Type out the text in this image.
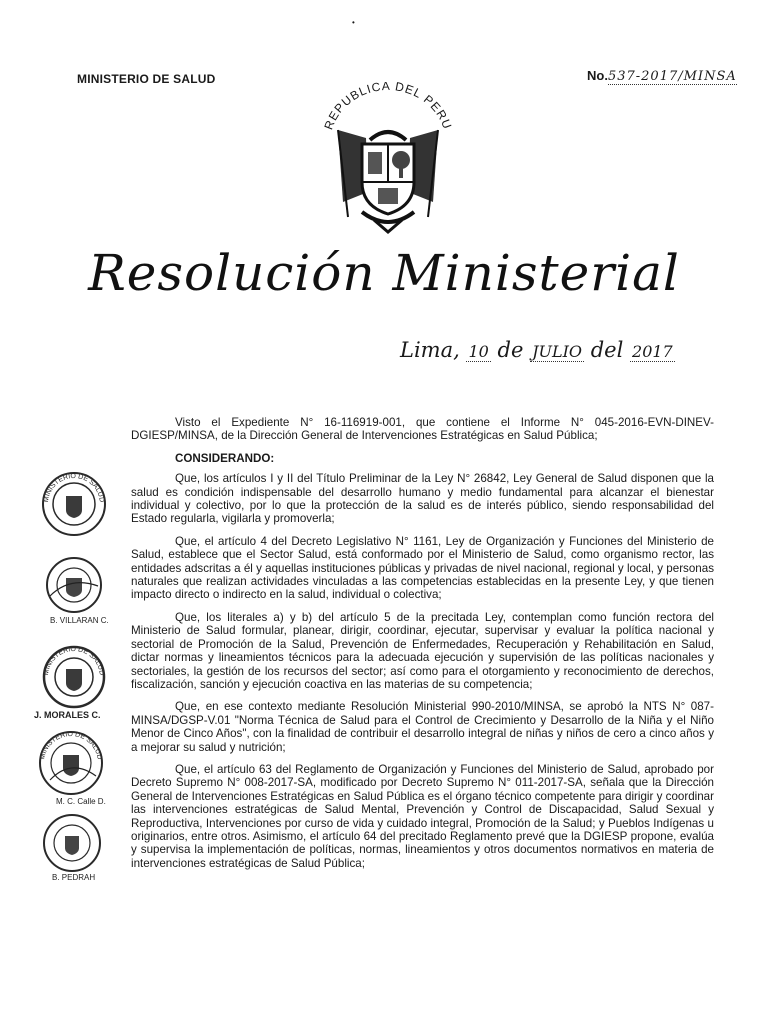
•
MINISTERIO DE SALUD	No.537-2017/MINSA
REPUBLICA DEL PERU
Resolución Ministerial
Lima, 10 de JULIO del 2017

Visto el Expediente N° 16-116919-001, que contiene el Informe N° 045-2016-EVN-DINEV-DGIESP/MINSA, de la Dirección General de Intervenciones Estratégicas en Salud Pública;

CONSIDERANDO:

Que, los artículos I y II del Título Preliminar de la Ley N° 26842, Ley General de Salud disponen que la salud es condición indispensable del desarrollo humano y medio fundamental para alcanzar el bienestar individual y colectivo, por lo que la protección de la salud es de interés público, siendo responsabilidad del Estado regularla, vigilarla y promoverla;

Que, el artículo 4 del Decreto Legislativo N° 1161, Ley de Organización y Funciones del Ministerio de Salud, establece que el Sector Salud, está conformado por el Ministerio de Salud, como organismo rector, las entidades adscritas a él y aquellas instituciones públicas y privadas de nivel nacional, regional y local, y personas naturales que realizan actividades vinculadas a las competencias establecidas en la presente Ley, y que tienen impacto directo o indirecto en la salud, individual o colectiva;

Que, los literales a) y b) del artículo 5 de la precitada Ley, contemplan como función rectora del Ministerio de Salud formular, planear, dirigir, coordinar, ejecutar, supervisar y evaluar la política nacional y sectorial de Promoción de la Salud, Prevención de Enfermedades, Recuperación y Rehabilitación en Salud, dictar normas y lineamientos técnicos para la adecuada ejecución y supervisión de las políticas nacionales y sectoriales, la gestión de los recursos del sector; así como para el otorgamiento y reconocimiento de derechos, fiscalización, sanción y ejecución coactiva en las materias de su competencia;

Que, en ese contexto mediante Resolución Ministerial 990-2010/MINSA, se aprobó la NTS N° 087-MINSA/DGSP-V.01 "Norma Técnica de Salud para el Control de Crecimiento y Desarrollo de la Niña y el Niño Menor de Cinco Años", con la finalidad de contribuir el desarrollo integral de niñas y niños de cero a cinco años y a mejorar su salud y nutrición;

Que, el artículo 63 del Reglamento de Organización y Funciones del Ministerio de Salud, aprobado por Decreto Supremo N° 008-2017-SA, modificado por Decreto Supremo N° 011-2017-SA, señala que la Dirección General de Intervenciones Estratégicas en Salud Pública es el órgano técnico competente para dirigir y coordinar las intervenciones estratégicas de Salud Mental, Prevención y Control de Discapacidad, Salud Sexual y Reproductiva, Intervenciones por curso de vida y cuidado integral, Promoción de la Salud; y Pueblos Indígenas u originarios, entre otros. Asimismo, el artículo 64 del precitado Reglamento prevé que la DGIESP propone, evalúa y supervisa la implementación de políticas, normas, lineamientos y otros documentos normativos en materia de intervenciones estratégicas de Salud Pública;

MINISTERIO DE SALUD
B. VILLARAN C.
MINISTERIO DE SALUD
J. MORALES C.
MINISTERIO DE SALUD
M. C. Calle D.
B. PEDRAH
